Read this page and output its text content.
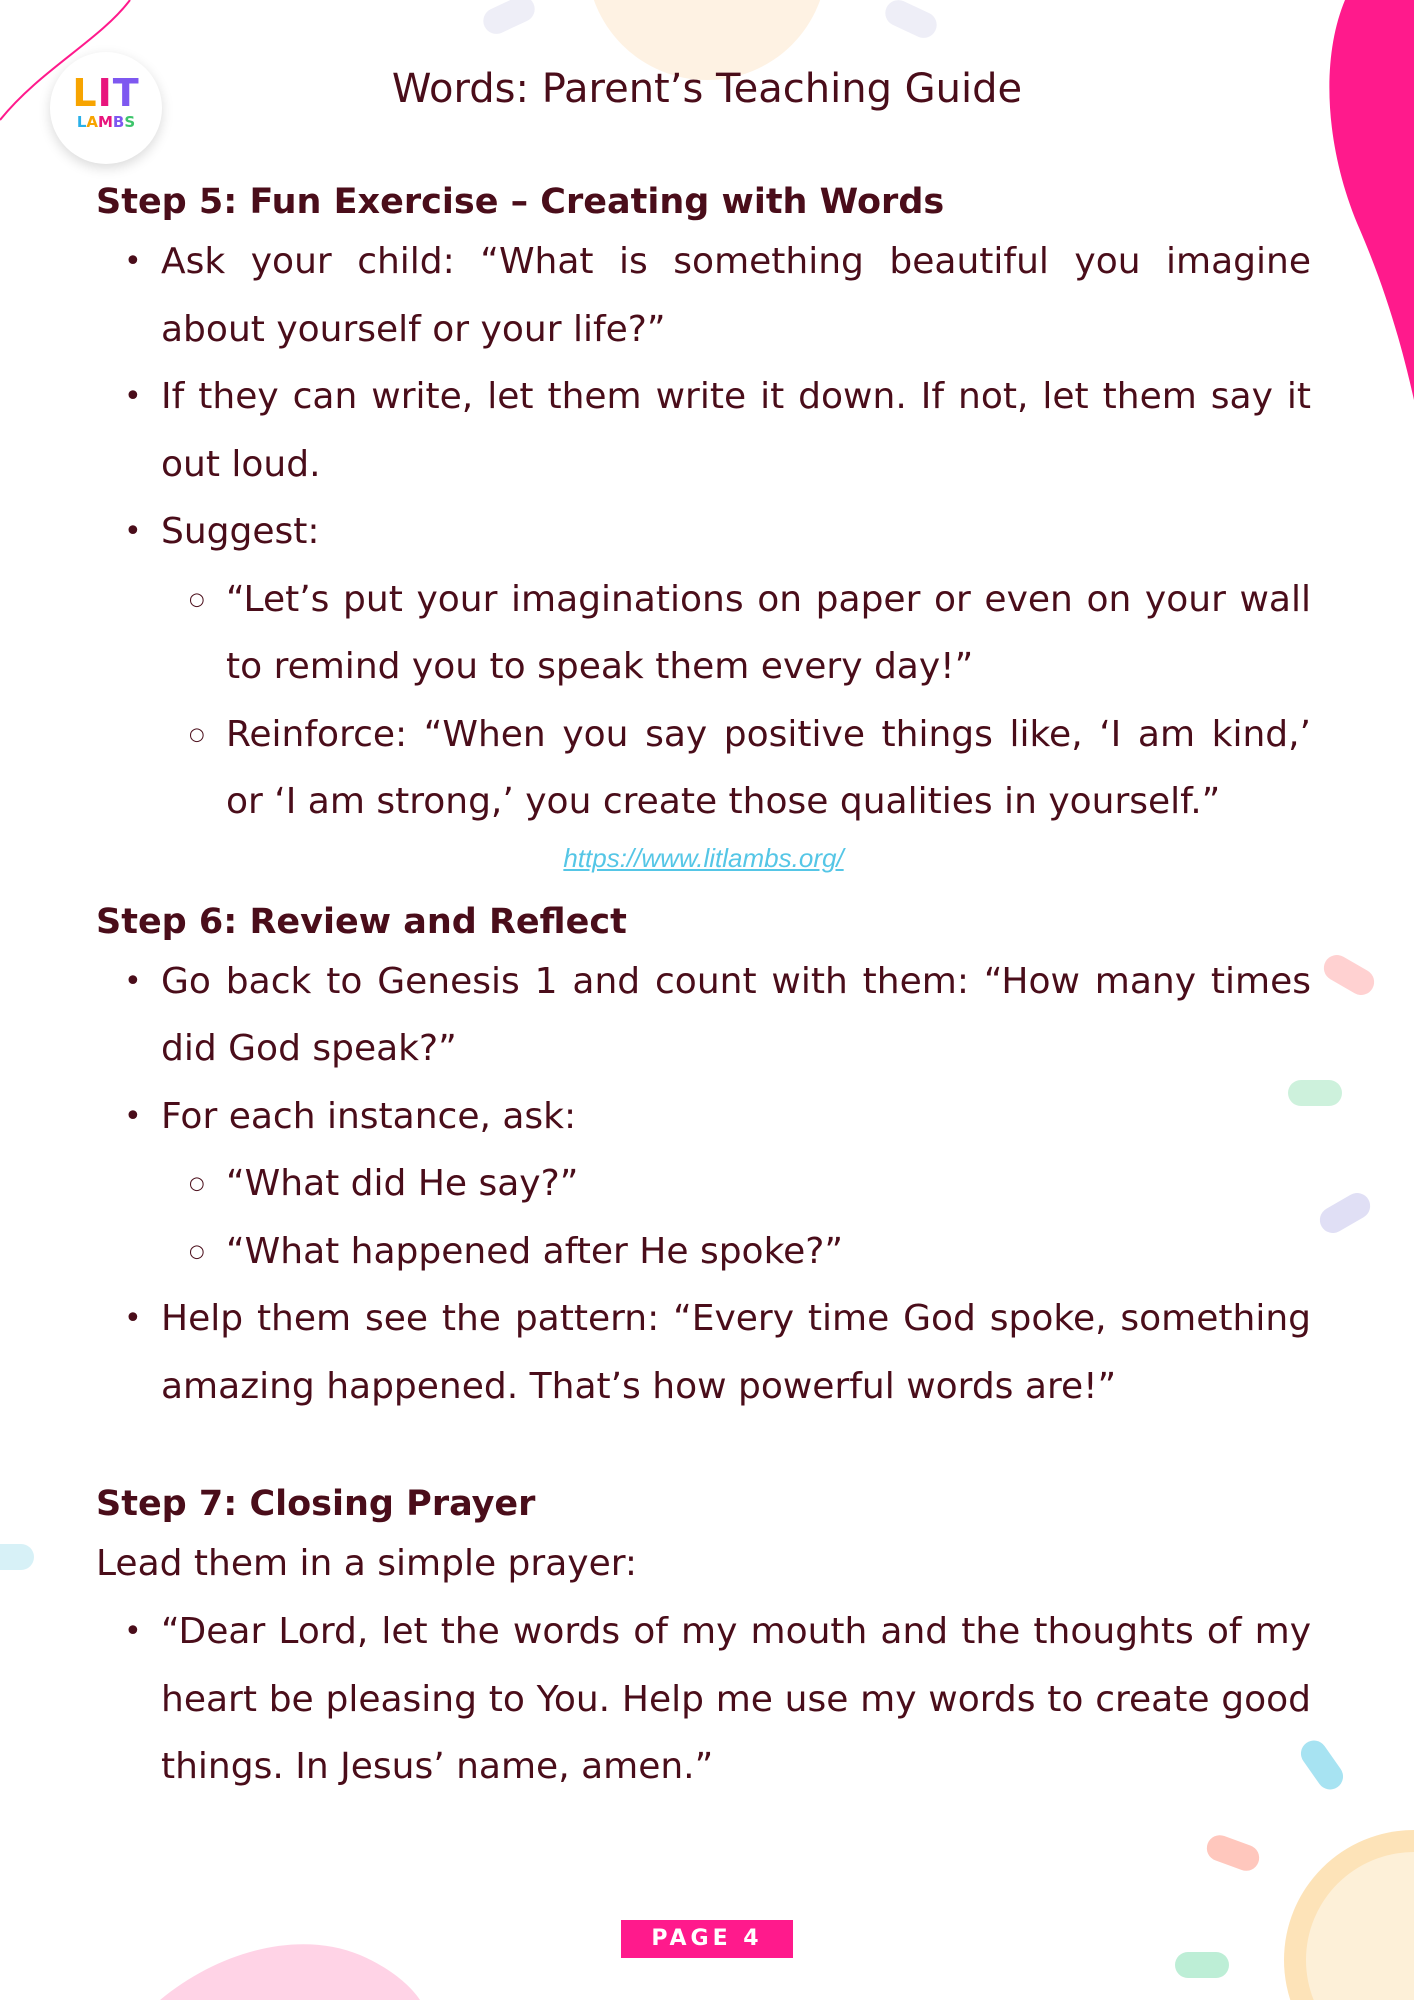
LIT
LAMBS
Words: Parent’s Teaching Guide
Step 5: Fun Exercise – Creating with Words
• Ask your child: “What is something beautiful you imagine about yourself or your life?”
• If they can write, let them write it down. If not, let them say it out loud.
• Suggest:
○ “Let’s put your imaginations on paper or even on your wall to remind you to speak them every day!”
○ Reinforce: “When you say positive things like, ‘I am kind,’ or ‘I am strong,’ you create those qualities in yourself.”
https://www.litlambs.org/
Step 6: Review and Reflect
• Go back to Genesis 1 and count with them: “How many times did God speak?”
• For each instance, ask:
○ “What did He say?”
○ “What happened after He spoke?”
• Help them see the pattern: “Every time God spoke, something amazing happened. That’s how powerful words are!”
Step 7: Closing Prayer

Lead them in a simple prayer:

• “Dear Lord, let the words of my mouth and the thoughts of my heart be pleasing to You. Help me use my words to create good things. In Jesus’ name, amen.”
PAGE 4
